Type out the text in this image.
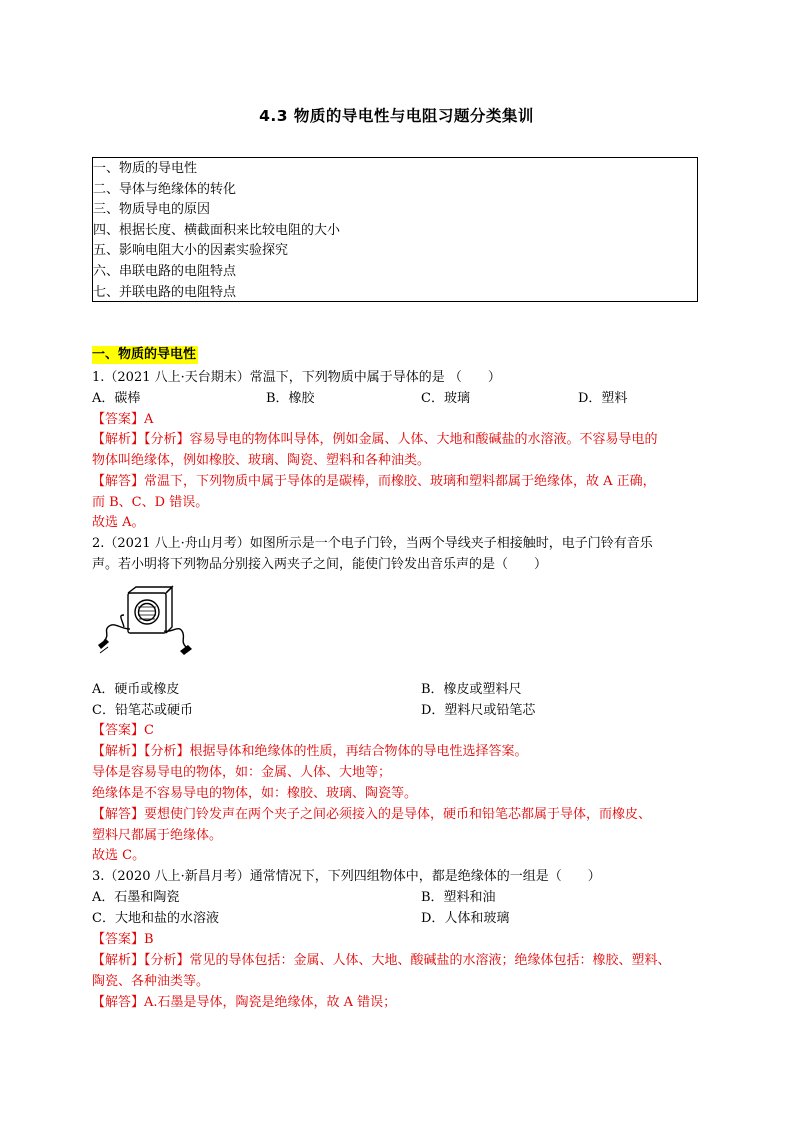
4.3 物质的导电性与电阻习题分类集训
一、物质的导电性
二、导体与绝缘体的转化
三、物质导电的原因
四、根据长度、横截面积来比较电阻的大小
五、影响电阻大小的因素实验探究
六、串联电路的电阻特点
七、并联电路的电阻特点
一、物质的导电性
1.（2021 八上·天台期末）常温下，下列物质中属于导体的是 （　　）
A．碳棒	B．橡胶	C．玻璃	D．塑料
【答案】A
【解析】【分析】容易导电的物体叫导体，例如金属、人体、大地和酸碱盐的水溶液。不容易导电的
物体叫绝缘体，例如橡胶、玻璃、陶瓷、塑料和各种油类。
【解答】常温下，下列物质中属于导体的是碳棒，而橡胶、玻璃和塑料都属于绝缘体，故 A 正确，
而 B、C、D 错误。
故选 A。
2.（2021 八上·舟山月考）如图所示是一个电子门铃，当两个导线夹子相接触时，电子门铃有音乐
声。若小明将下列物品分别接入两夹子之间，能使门铃发出音乐声的是（　　）
A．硬币或橡皮	B．橡皮或塑料尺
C．铅笔芯或硬币	D．塑料尺或铅笔芯
【答案】C
【解析】【分析】根据导体和绝缘体的性质，再结合物体的导电性选择答案。
导体是容易导电的物体，如：金属、人体、大地等；
绝缘体是不容易导电的物体，如：橡胶、玻璃、陶瓷等。
【解答】要想使门铃发声在两个夹子之间必须接入的是导体，硬币和铅笔芯都属于导体，而橡皮、
塑料尺都属于绝缘体。
故选 C。
3.（2020 八上·新昌月考）通常情况下，下列四组物体中，都是绝缘体的一组是（　　）
A．石墨和陶瓷	B．塑料和油
C．大地和盐的水溶液	D．人体和玻璃
【答案】B
【解析】【分析】常见的导体包括：金属、人体、大地、酸碱盐的水溶液；绝缘体包括：橡胶、塑料、
陶瓷、各种油类等。
【解答】A.石墨是导体，陶瓷是绝缘体，故 A 错误；
